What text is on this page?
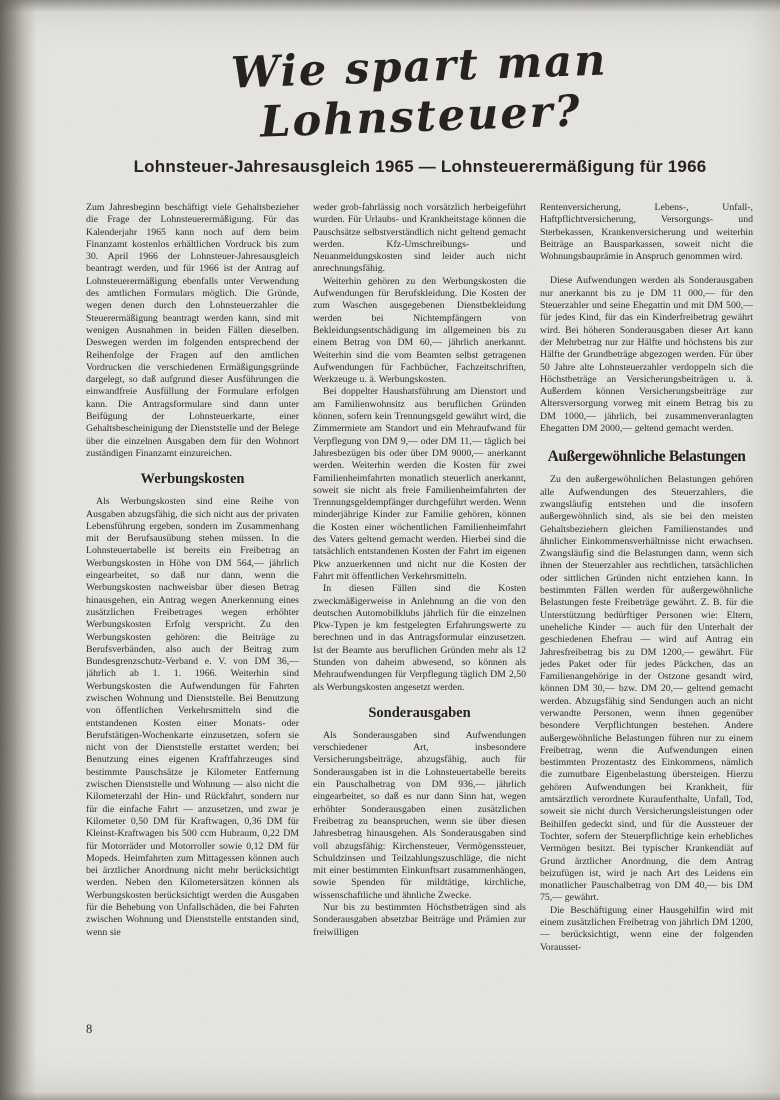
Wie spart man Lohnsteuer?
Lohnsteuer-Jahresausgleich 1965 — Lohnsteuerermäßigung für 1966

Zum Jahresbeginn beschäftigt viele Gehaltsbezieher die Frage der Lohnsteuerermäßigung. Für das Kalenderjahr 1965 kann noch auf dem beim Finanzamt kostenlos erhältlichen Vordruck bis zum 30. April 1966 der Lohnsteuer-Jahresausgleich beantragt werden, und für 1966 ist der Antrag auf Lohnsteuerermäßigung ebenfalls unter Verwendung des amtlichen Formulars möglich. Die Gründe, wegen denen durch den Lohnsteuerzahler die Steuerermäßigung beantragt werden kann, sind mit wenigen Ausnahmen in beiden Fällen dieselben. Deswegen werden im folgenden entsprechend der Reihenfolge der Fragen auf den amtlichen Vordrucken die verschiedenen Ermäßigungsgründe dargelegt, so daß aufgrund dieser Ausführungen die einwandfreie Ausfüllung der Formulare erfolgen kann. Die Antragsformulare sind dann unter Beifügung der Lohnsteuerkarte, einer Gehaltsbescheinigung der Dienststelle und der Belege über die einzelnen Ausgaben dem für den Wohnort zuständigen Finanzamt einzureichen.

Werbungskosten

Als Werbungskosten sind eine Reihe von Ausgaben abzugsfähig, die sich nicht aus der privaten Lebensführung ergeben, sondern im Zusammenhang mit der Berufsausübung stehen müssen. In die Lohnsteuertabelle ist bereits ein Freibetrag an Werbungskosten in Höhe von DM 564,— jährlich eingearbeitet, so daß nur dann, wenn die Werbungskosten nachweisbar über diesen Betrag hinausgehen, ein Antrag wegen Anerkennung eines zusätzlichen Freibetrages wegen erhöhter Werbungskosten Erfolg verspricht. Zu den Werbungskosten gehören: die Beiträge zu Berufsverbänden, also auch der Beitrag zum Bundesgrenzschutz-Verband e. V. von DM 36,— jährlich ab 1. 1. 1966. Weiterhin sind Werbungskosten die Aufwendungen für Fahrten zwischen Wohnung und Dienststelle. Bei Benutzung von öffentlichen Verkehrsmitteln sind die entstandenen Kosten einer Monats- oder Berufstätigen-Wochenkarte einzusetzen, sofern sie nicht von der Dienststelle erstattet werden; bei Benutzung eines eigenen Kraftfahrzeuges sind bestimmte Pauschsätze je Kilometer Entfernung zwischen Dienststelle und Wohnung — also nicht die Kilometerzahl der Hin- und Rückfahrt, sondern nur für die einfache Fahrt — anzusetzen, und zwar je Kilometer 0,50 DM für Kraftwagen, 0,36 DM für Kleinst-Kraftwagen bis 500 ccm Hubraum, 0,22 DM für Motorräder und Motorroller sowie 0,12 DM für Mopeds. Heimfahrten zum Mittagessen können auch bei ärztlicher Anordnung nicht mehr berücksichtigt werden. Neben den Kilometersätzen können als Werbungskosten berücksichtigt werden die Ausgaben für die Behebung von Unfallschäden, die bei Fahrten zwischen Wohnung und Dienststelle entstanden sind, wenn sie

weder grob-fahrlässig noch vorsätzlich herbeigeführt wurden. Für Urlaubs- und Krankheitstage können die Pauschsätze selbstverständlich nicht geltend gemacht werden. Kfz-Umschreibungs- und Neuanmeldungskosten sind leider auch nicht anrechnungsfähig.

Weiterhin gehören zu den Werbungskosten die Aufwendungen für Berufskleidung. Die Kosten der zum Waschen ausgegebenen Dienstbekleidung werden bei Nichtempfängern von Bekleidungsentschädigung im allgemeinen bis zu einem Betrag von DM 60,— jährlich anerkannt. Weiterhin sind die vom Beamten selbst getragenen Aufwendungen für Fachbücher, Fachzeitschriften, Werkzeuge u. ä. Werbungskosten.

Bei doppelter Haushatsführung am Dienstort und am Familienwohnsitz aus beruflichen Gründen können, sofern kein Trennungsgeld gewährt wird, die Zimmermiete am Standort und ein Mehraufwand für Verpflegung von DM 9,— oder DM 11,— täglich bei Jahresbezügen bis oder über DM 9000,— anerkannt werden. Weiterhin werden die Kosten für zwei Familienheimfahrten monatlich steuerlich anerkannt, soweit sie nicht als freie Familienheimfahrten der Trennungsgeldempfänger durchgeführt werden. Wenn minderjährige Kinder zur Familie gehören, können die Kosten einer wöchentlichen Familienheimfahrt des Vaters geltend gemacht werden. Hierbei sind die tatsächlich entstandenen Kosten der Fahrt im eigenen Pkw anzuerkennen und nicht nur die Kosten der Fahrt mit öffentlichen Verkehrsmitteln.

In diesen Fällen sind die Kosten zweckmäßigerweise in Anlehnung an die von den deutschen Automobilklubs jährlich für die einzelnen Pkw-Typen je km festgelegten Erfahrungswerte zu berechnen und in das Antragsformular einzusetzen. Ist der Beamte aus beruflichen Gründen mehr als 12 Stunden von daheim abwesend, so können als Mehraufwendungen für Verpflegung täglich DM 2,50 als Werbungskosten angesetzt werden.

Sonderausgaben

Als Sonderausgaben sind Aufwendungen verschiedener Art, insbesondere Versicherungsbeiträge, abzugsfähig, auch für Sonderausgaben ist in die Lohnsteuertabelle bereits ein Pauschalbetrag von DM 936,— jährlich eingearbeitet, so daß es nur dann Sinn hat, wegen erhöhter Sonderausgaben einen zusätzlichen Freibetrag zu beanspruchen, wenn sie über diesen Jahresbetrag hinausgehen. Als Sonderausgaben sind voll abzugsfähig: Kirchensteuer, Vermögenssteuer, Schuldzinsen und Teilzahlungszuschläge, die nicht mit einer bestimmten Einkunftsart zusammenhängen, sowie Spenden für mildtätige, kirchliche, wissenschaftliche und ähnliche Zwecke.

Nur bis zu bestimmten Höchstbeträgen sind als Sonderausgaben absetzbar Beiträge und Prämien zur freiwilligen

Rentenversicherung, Lebens-, Unfall-, Haftpflichtversicherung, Versorgungs- und Sterbekassen, Krankenversicherung und weiterhin Beiträge an Bausparkassen, soweit nicht die Wohnungsbauprämie in Anspruch genommen wird.

Diese Aufwendungen werden als Sonderausgaben nur anerkannt bis zu je DM 11 000,— für den Steuerzahler und seine Ehegattin und mit DM 500,— für jedes Kind, für das ein Kinderfreibetrag gewährt wird. Bei höheren Sonderausgaben dieser Art kann der Mehrbetrag nur zur Hälfte und höchstens bis zur Hälfte der Grundbeträge abgezogen werden. Für über 50 Jahre alte Lohnsteuerzahler verdoppeln sich die Höchstbeträge an Versicherungsbeiträgen u. ä. Außerdem können Versicherungsbeiträge zur Altersversorgung vorweg mit einem Betrag bis zu DM 1000,— jährlich, bei zusammenveranlagten Ehegatten DM 2000,— geltend gemacht werden.

Außergewöhnliche Belastungen

Zu den außergewöhnlichen Belastungen gehören alle Aufwendungen des Steuerzahlers, die zwangsläufig entstehen und die insofern außergewöhnlich sind, als sie bei den meisten Gehaltsbeziehern gleichen Familienstandes und ähnlicher Einkommensverhältnisse nicht erwachsen. Zwangsläufig sind die Belastungen dann, wenn sich ihnen der Steuerzahler aus rechtlichen, tatsächlichen oder sittlichen Gründen nicht entziehen kann. In bestimmten Fällen werden für außergewöhnliche Belastungen feste Freibeträge gewährt. Z. B. für die Unterstützung bedürftiger Personen wie: Eltern, uneheliche Kinder — auch für den Unterhalt der geschiedenen Ehefrau — wird auf Antrag ein Jahresfreibetrag bis zu DM 1200,— gewährt. Für jedes Paket oder für jedes Päckchen, das an Familienangehörige in der Ostzone gesandt wird, können DM 30,— bzw. DM 20,— geltend gemacht werden. Abzugsfähig sind Sendungen auch an nicht verwandte Personen, wenn ihnen gegenüber besondere Verpflichtungen bestehen. Andere außergewöhnliche Belastungen führen nur zu einem Freibetrag, wenn die Aufwendungen einen bestimmten Prozentastz des Einkommens, nämlich die zumutbare Eigenbelastung übersteigen. Hierzu gehören Aufwendungen bei Krankheit, für amtsärztlich verordnete Kuraufenthalte, Unfall, Tod, soweit sie nicht durch Versicherungsleistungen oder Beihilfen gedeckt sind, und für die Aussteuer der Tochter, sofern der Steuerpflichtige kein erhebliches Vermögen besitzt. Bei typischer Krankendiät auf Grund ärztlicher Anordnung, die dem Antrag beizufügen ist, wird je nach Art des Leidens ein monatlicher Pauschalbetrag von DM 40,— bis DM 75,— gewährt.

Die Beschäftigung einer Hausgehilfin wird mit einem zusätzlichen Freibetrag von jährlich DM 1200,— berücksichtigt, wenn eine der folgenden Vorausset-

8
